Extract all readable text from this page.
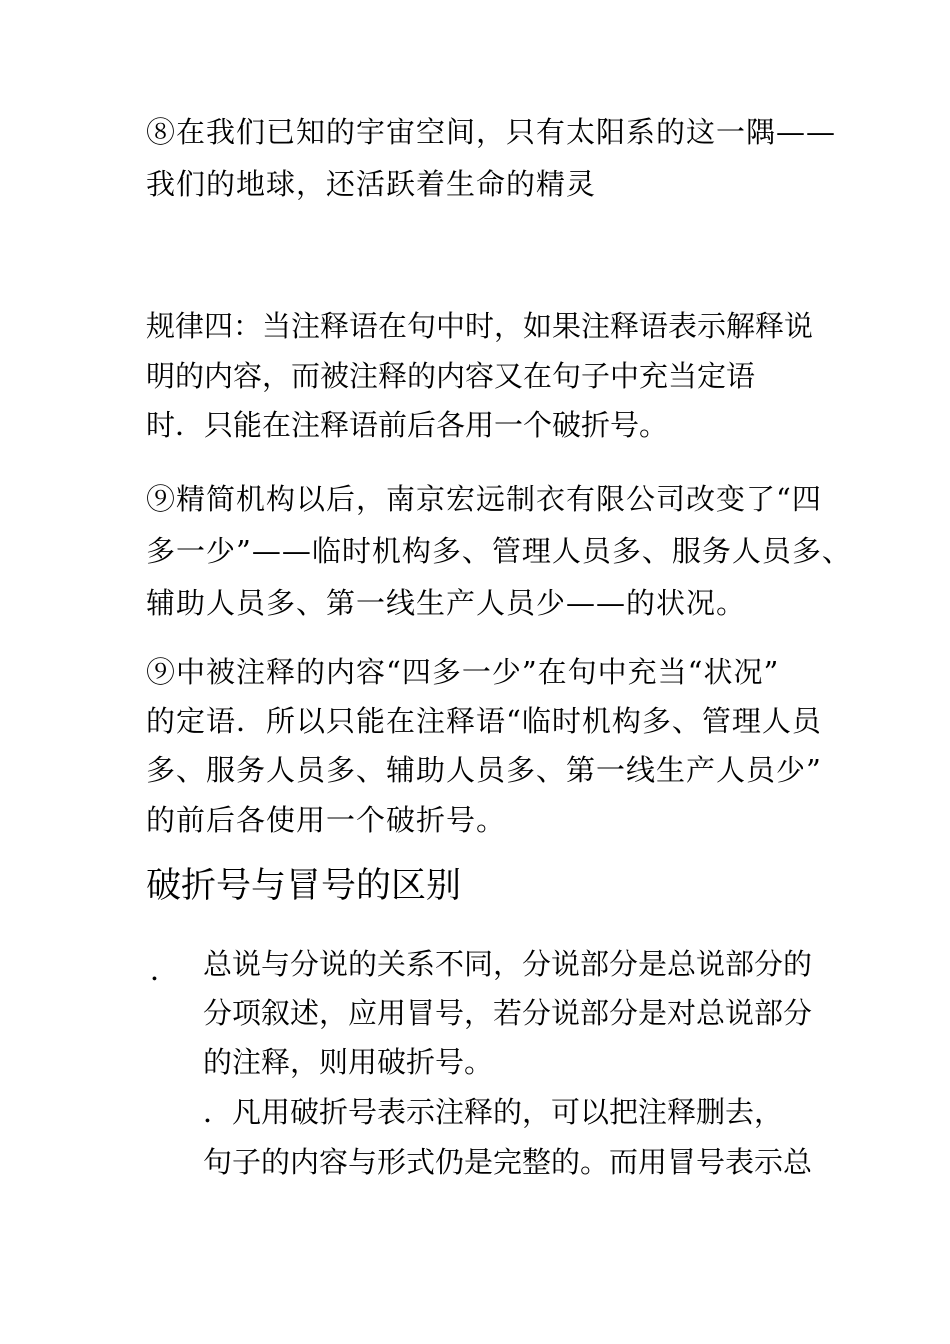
⑧在我们已知的宇宙空间，只有太阳系的这一隅——
我们的地球，还活跃着生命的精灵
规律四：当注释语在句中时，如果注释语表示解释说
明的内容，而被注释的内容又在句子中充当定语
时．只能在注释语前后各用一个破折号。
⑨精简机构以后，南京宏远制衣有限公司改变了“四
多一少”——临时机构多、管理人员多、服务人员多、
辅助人员多、第一线生产人员少——的状况。
⑨中被注释的内容“四多一少”在句中充当“状况”
的定语．所以只能在注释语“临时机构多、管理人员
多、服务人员多、辅助人员多、第一线生产人员少”
的前后各使用一个破折号。
破折号与冒号的区别
． 总说与分说的关系不同，分说部分是总说部分的
分项叙述，应用冒号，若分说部分是对总说部分
的注释，则用破折号。
．凡用破折号表示注释的，可以把注释删去，
句子的内容与形式仍是完整的。而用冒号表示总
